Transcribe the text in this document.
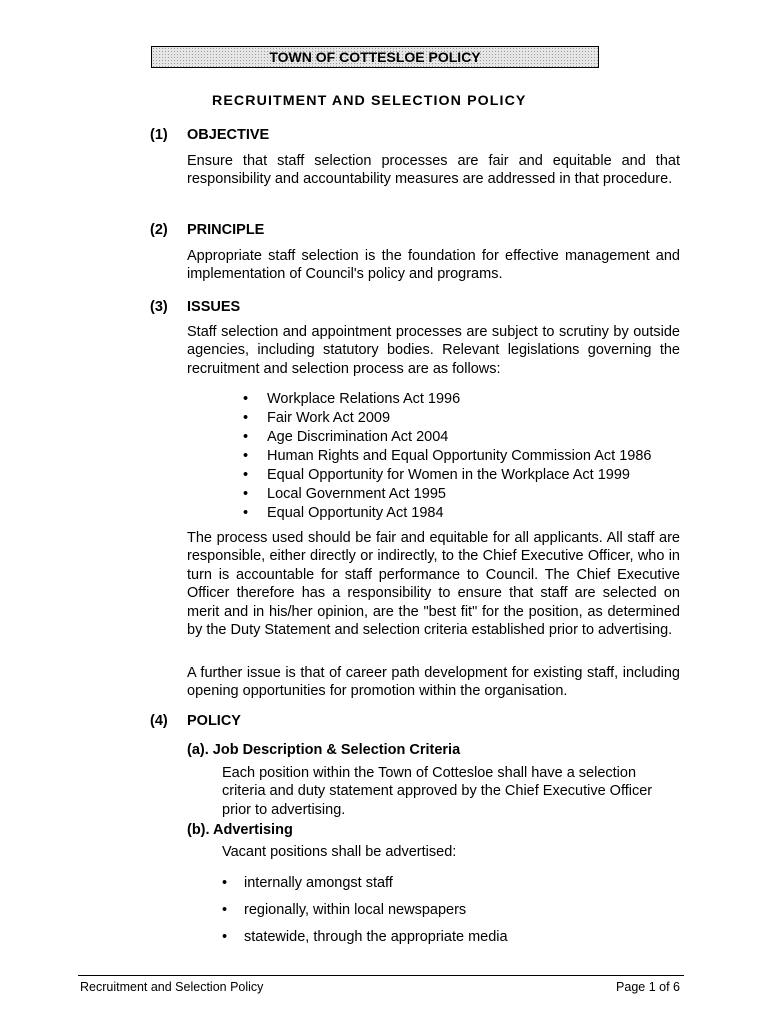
TOWN OF COTTESLOE POLICY
RECRUITMENT AND SELECTION POLICY
(1) OBJECTIVE
Ensure that staff selection processes are fair and equitable and that responsibility and accountability measures are addressed in that procedure.
(2) PRINCIPLE
Appropriate staff selection is the foundation for effective management and implementation of Council's policy and programs.
(3) ISSUES
Staff selection and appointment processes are subject to scrutiny by outside agencies, including statutory bodies. Relevant legislations governing the recruitment and selection process are as follows:
• Workplace Relations Act 1996
• Fair Work Act 2009
• Age Discrimination Act 2004
• Human Rights and Equal Opportunity Commission Act 1986
• Equal Opportunity for Women in the Workplace Act 1999
• Local Government Act 1995
• Equal Opportunity Act 1984
The process used should be fair and equitable for all applicants. All staff are responsible, either directly or indirectly, to the Chief Executive Officer, who in turn is accountable for staff performance to Council. The Chief Executive Officer therefore has a responsibility to ensure that staff are selected on merit and in his/her opinion, are the "best fit" for the position, as determined by the Duty Statement and selection criteria established prior to advertising.
A further issue is that of career path development for existing staff, including opening opportunities for promotion within the organisation.
(4) POLICY
(a). Job Description & Selection Criteria
Each position within the Town of Cottesloe shall have a selection criteria and duty statement approved by the Chief Executive Officer prior to advertising.
(b). Advertising
Vacant positions shall be advertised:
• internally amongst staff
• regionally, within local newspapers
• statewide, through the appropriate media
Recruitment and Selection Policy	Page 1 of 6
